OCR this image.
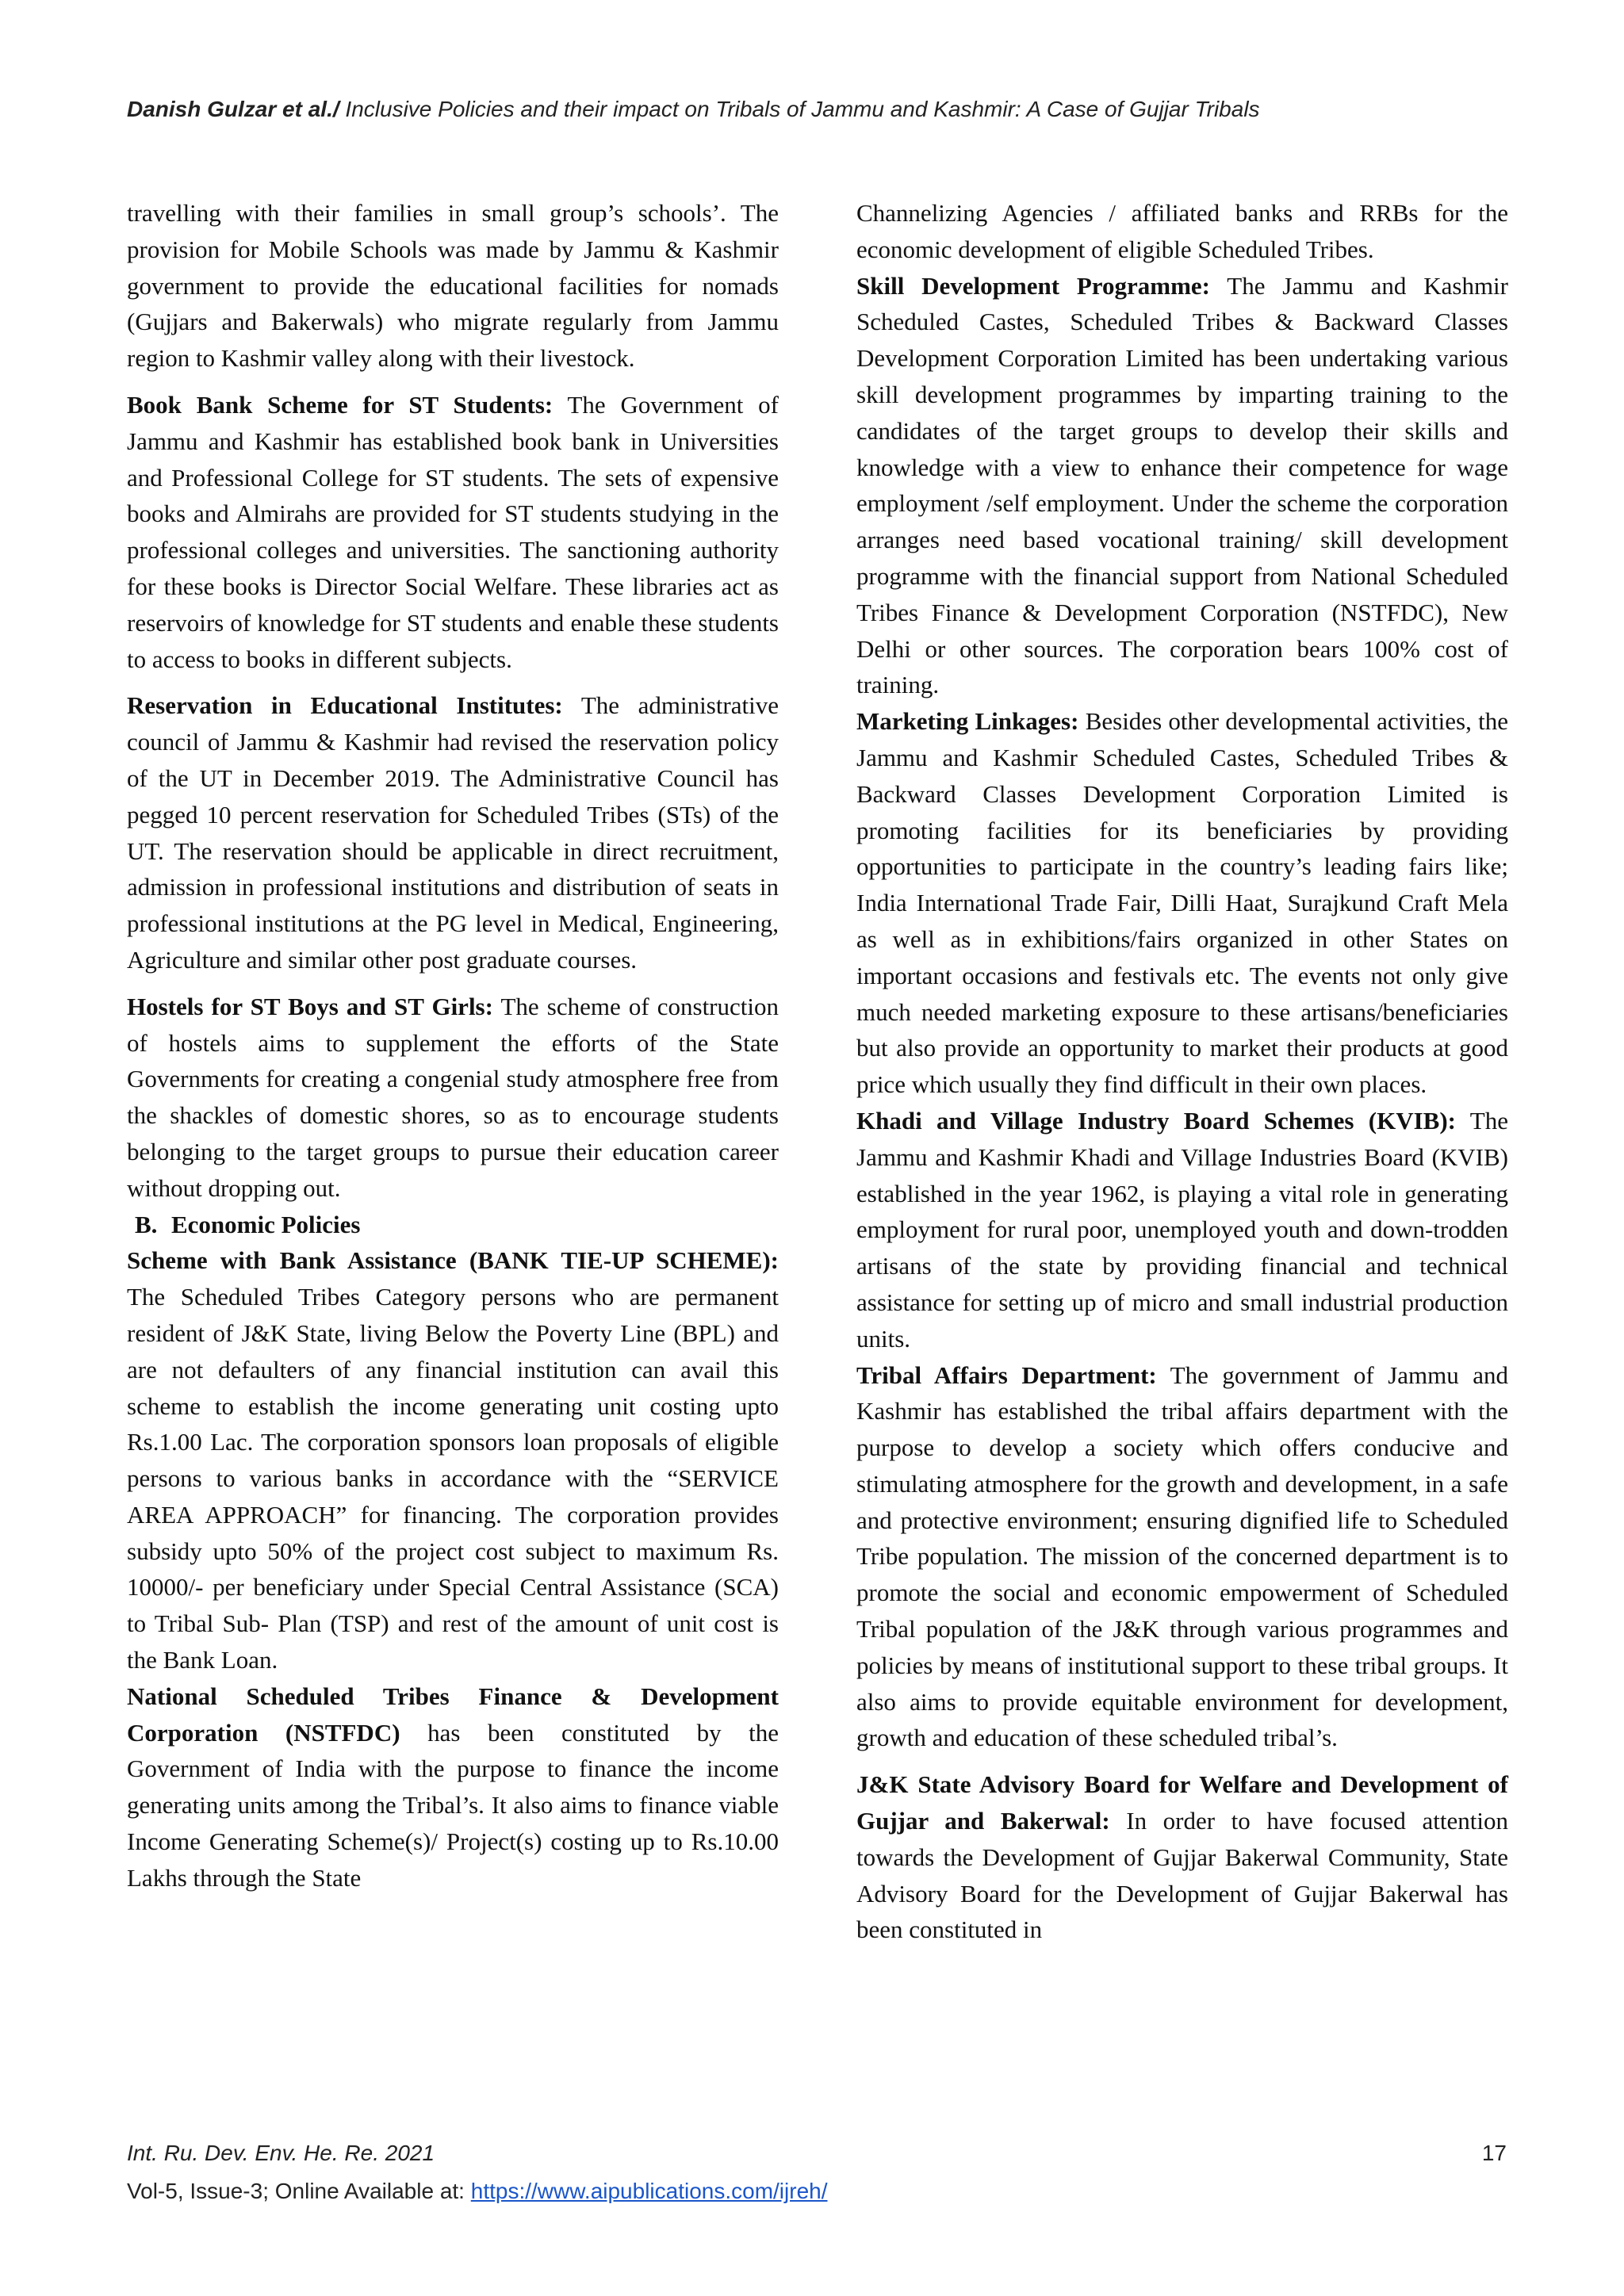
Danish Gulzar et al./ Inclusive Policies and their impact on Tribals of Jammu and Kashmir: A Case of Gujjar Tribals

travelling with their families in small group’s schools’. The provision for Mobile Schools was made by Jammu & Kashmir government to provide the educational facilities for nomads (Gujjars and Bakerwals) who migrate regularly from Jammu region to Kashmir valley along with their livestock.

Book Bank Scheme for ST Students: The Government of Jammu and Kashmir has established book bank in Universities and Professional College for ST students. The sets of expensive books and Almirahs are provided for ST students studying in the professional colleges and universities. The sanctioning authority for these books is Director Social Welfare. These libraries act as reservoirs of knowledge for ST students and enable these students to access to books in different subjects.

Reservation in Educational Institutes: The administrative council of Jammu & Kashmir had revised the reservation policy of the UT in December 2019. The Administrative Council has pegged 10 percent reservation for Scheduled Tribes (STs) of the UT. The reservation should be applicable in direct recruitment, admission in professional institutions and distribution of seats in professional institutions at the PG level in Medical, Engineering, Agriculture and similar other post graduate courses.

Hostels for ST Boys and ST Girls: The scheme of construction of hostels aims to supplement the efforts of the State Governments for creating a congenial study atmosphere free from the shackles of domestic shores, so as to encourage students belonging to the target groups to pursue their education career without dropping out.

B. Economic Policies

Scheme with Bank Assistance (BANK TIE-UP SCHEME): The Scheduled Tribes Category persons who are permanent resident of J&K State, living Below the Poverty Line (BPL) and are not defaulters of any financial institution can avail this scheme to establish the income generating unit costing upto Rs.1.00 Lac. The corporation sponsors loan proposals of eligible persons to various banks in accordance with the “SERVICE AREA APPROACH” for financing. The corporation provides subsidy upto 50% of the project cost subject to maximum Rs. 10000/- per beneficiary under Special Central Assistance (SCA) to Tribal Sub- Plan (TSP) and rest of the amount of unit cost is the Bank Loan.

National Scheduled Tribes Finance & Development Corporation (NSTFDC) has been constituted by the Government of India with the purpose to finance the income generating units among the Tribal’s. It also aims to finance viable Income Generating Scheme(s)/ Project(s) costing up to Rs.10.00 Lakhs through the State

Channelizing Agencies / affiliated banks and RRBs for the economic development of eligible Scheduled Tribes.

Skill Development Programme: The Jammu and Kashmir Scheduled Castes, Scheduled Tribes & Backward Classes Development Corporation Limited has been undertaking various skill development programmes by imparting training to the candidates of the target groups to develop their skills and knowledge with a view to enhance their competence for wage employment /self employment. Under the scheme the corporation arranges need based vocational training/ skill development programme with the financial support from National Scheduled Tribes Finance & Development Corporation (NSTFDC), New Delhi or other sources. The corporation bears 100% cost of training.

Marketing Linkages: Besides other developmental activities, the Jammu and Kashmir Scheduled Castes, Scheduled Tribes & Backward Classes Development Corporation Limited is promoting facilities for its beneficiaries by providing opportunities to participate in the country’s leading fairs like; India International Trade Fair, Dilli Haat, Surajkund Craft Mela as well as in exhibitions/fairs organized in other States on important occasions and festivals etc. The events not only give much needed marketing exposure to these artisans/beneficiaries but also provide an opportunity to market their products at good price which usually they find difficult in their own places.

Khadi and Village Industry Board Schemes (KVIB): The Jammu and Kashmir Khadi and Village Industries Board (KVIB) established in the year 1962, is playing a vital role in generating employment for rural poor, unemployed youth and down-trodden artisans of the state by providing financial and technical assistance for setting up of micro and small industrial production units.

Tribal Affairs Department: The government of Jammu and Kashmir has established the tribal affairs department with the purpose to develop a society which offers conducive and stimulating atmosphere for the growth and development, in a safe and protective environment; ensuring dignified life to Scheduled Tribe population. The mission of the concerned department is to promote the social and economic empowerment of Scheduled Tribal population of the J&K through various programmes and policies by means of institutional support to these tribal groups. It also aims to provide equitable environment for development, growth and education of these scheduled tribal’s.

J&K State Advisory Board for Welfare and Development of Gujjar and Bakerwal: In order to have focused attention towards the Development of Gujjar Bakerwal Community, State Advisory Board for the Development of Gujjar Bakerwal has been constituted in

Int. Ru. Dev. Env. He. Re. 2021	17
Vol-5, Issue-3; Online Available at: https://www.aipublications.com/ijreh/
